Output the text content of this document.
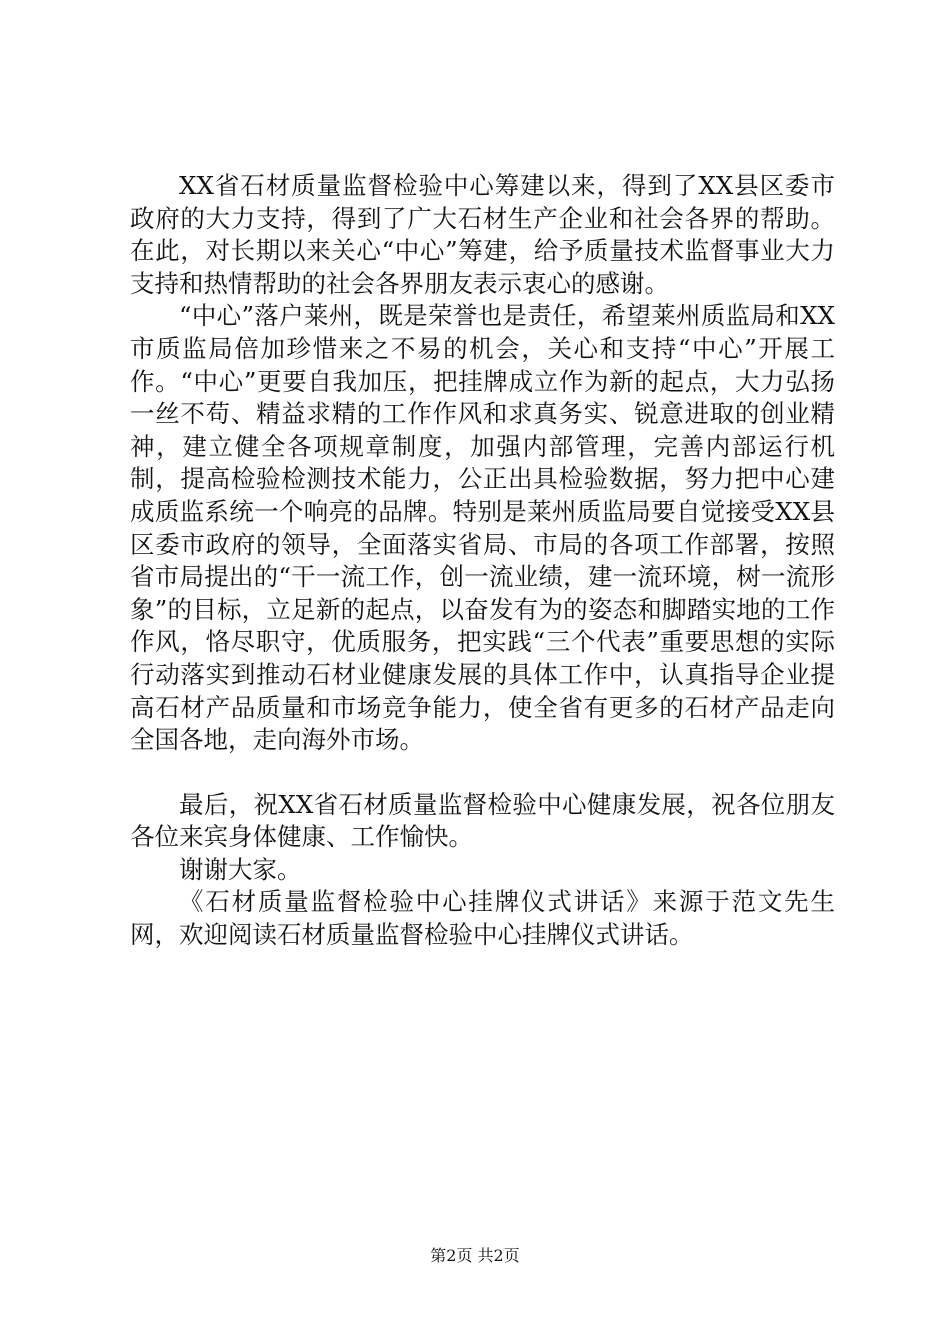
XX省石材质量监督检验中心筹建以来，得到了XX县区委市政府的大力支持，得到了广大石材生产企业和社会各界的帮助。在此，对长期以来关心“中心”筹建，给予质量技术监督事业大力支持和热情帮助的社会各界朋友表示衷心的感谢。

“中心”落户莱州，既是荣誉也是责任，希望莱州质监局和XX市质监局倍加珍惜来之不易的机会，关心和支持“中心”开展工作。“中心”更要自我加压，把挂牌成立作为新的起点，大力弘扬一丝不苟、精益求精的工作作风和求真务实、锐意进取的创业精神，建立健全各项规章制度，加强内部管理，完善内部运行机制，提高检验检测技术能力，公正出具检验数据，努力把中心建成质监系统一个响亮的品牌。特别是莱州质监局要自觉接受XX县区委市政府的领导，全面落实省局、市局的各项工作部署，按照省市局提出的“干一流工作，创一流业绩，建一流环境，树一流形象”的目标，立足新的起点，以奋发有为的姿态和脚踏实地的工作作风，恪尽职守，优质服务，把实践“三个代表”重要思想的实际行动落实到推动石材业健康发展的具体工作中，认真指导企业提高石材产品质量和市场竞争能力，使全省有更多的石材产品走向全国各地，走向海外市场。

最后，祝XX省石材质量监督检验中心健康发展，祝各位朋友各位来宾身体健康、工作愉快。

谢谢大家。

《石材质量监督检验中心挂牌仪式讲话》来源于范文先生网，欢迎阅读石材质量监督检验中心挂牌仪式讲话。

第2页 共2页
